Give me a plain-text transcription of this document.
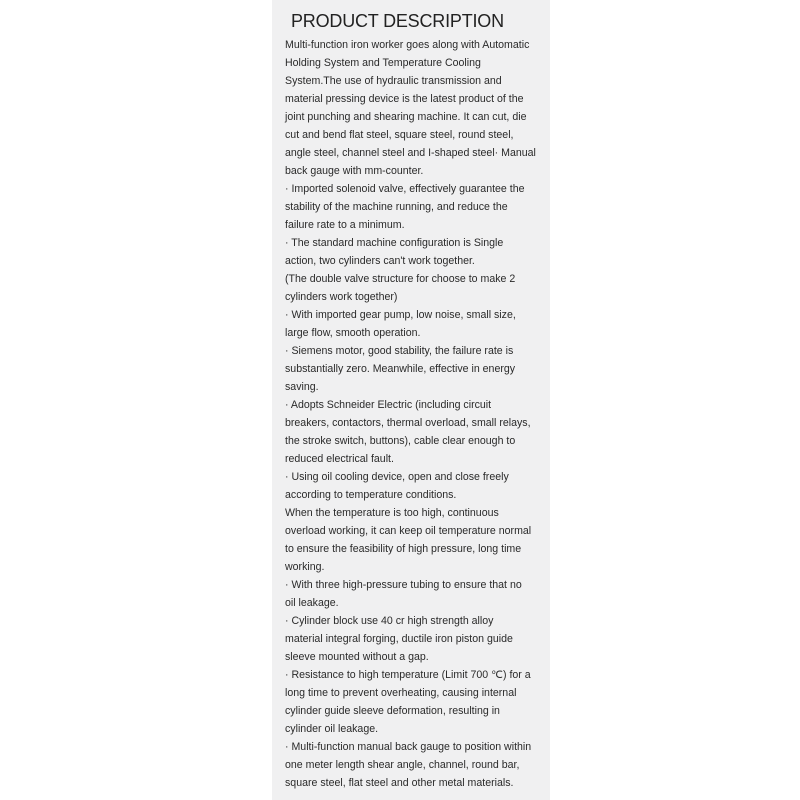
PRODUCT DESCRIPTION
Multi-function iron worker goes along with Automatic
Holding System and Temperature Cooling
System.The use of hydraulic transmission and
material pressing device is the latest product of the
joint punching and shearing machine. It can cut, die
cut and bend flat steel, square steel, round steel,
angle steel, channel steel and I-shaped steel· Manual
back gauge with mm-counter.
· Imported solenoid valve, effectively guarantee the
stability of the machine running, and reduce the
failure rate to a minimum.
· The standard machine configuration is Single
action, two cylinders can't work together.
(The double valve structure for choose to make 2
cylinders work together)
· With imported gear pump, low noise, small size,
large flow, smooth operation.
· Siemens motor, good stability, the failure rate is
substantially zero. Meanwhile, effective in energy
saving.
· Adopts Schneider Electric (including circuit
breakers, contactors, thermal overload, small relays,
the stroke switch, buttons), cable clear enough to
reduced electrical fault.
· Using oil cooling device, open and close freely
according to temperature conditions.
When the temperature is too high, continuous
overload working, it can keep oil temperature normal
to ensure the feasibility of high pressure, long time
working.
· With three high-pressure tubing to ensure that no
oil leakage.
· Cylinder block use 40 cr high strength alloy
material integral forging, ductile iron piston guide
sleeve mounted without a gap.
· Resistance to high temperature (Limit 700 ℃) for a
long time to prevent overheating, causing internal
cylinder guide sleeve deformation, resulting in
cylinder oil leakage.
· Multi-function manual back gauge to position within
one meter length shear angle, channel, round bar,
square steel, flat steel and other metal materials.
